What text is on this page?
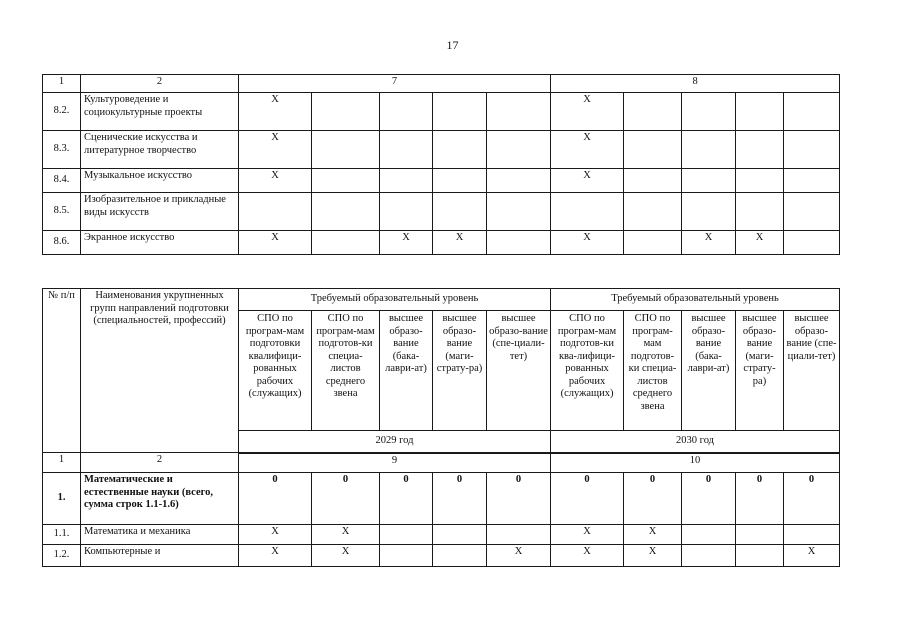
17
1	2	7					8				
8.2.	Культуроведение и социокультурные проекты	X					X				
8.3.	Сценические искусства и литературное творчество	X					X				
8.4.	Музыкальное искусство	X					X				
8.5.	Изобразительное и прикладные виды искусств										
8.6.	Экранное искусство	X		X	X		X		X	X	
№ п/п	Наименования укрупненных групп направлений подготовки (специальностей, профессий)	Требуемый образовательный уровень					Требуемый образовательный уровень				
		СПО по програм-мам подготовки квалифици-рованных рабочих (служащих)	СПО по програм-мам подготов-ки специа-листов среднего звена	высшее образо-вание (бака-лаври-ат)	высшее образо-вание (маги-страту-ра)	высшее образо-вание (спе-циали-тет)	СПО по програм-мам подготов-ки ква-лифици-рованных рабочих (служащих)	СПО по програм-мам подготов-ки специа-листов среднего звена	высшее образо-вание (бака-лаври-ат)	высшее образо-вание (маги-страту-ра)	высшее образо-вание (спе-циали-тет)
		2029 год					2030 год				
1	2	9					10				
1.	Математические и естественные науки (всего, сумма строк 1.1-1.6)	0	0	0	0	0	0	0	0	0	0
1.1.	Математика и механика	X	X				X	X			
1.2.	Компьютерные и	X	X			X	X	X			X
